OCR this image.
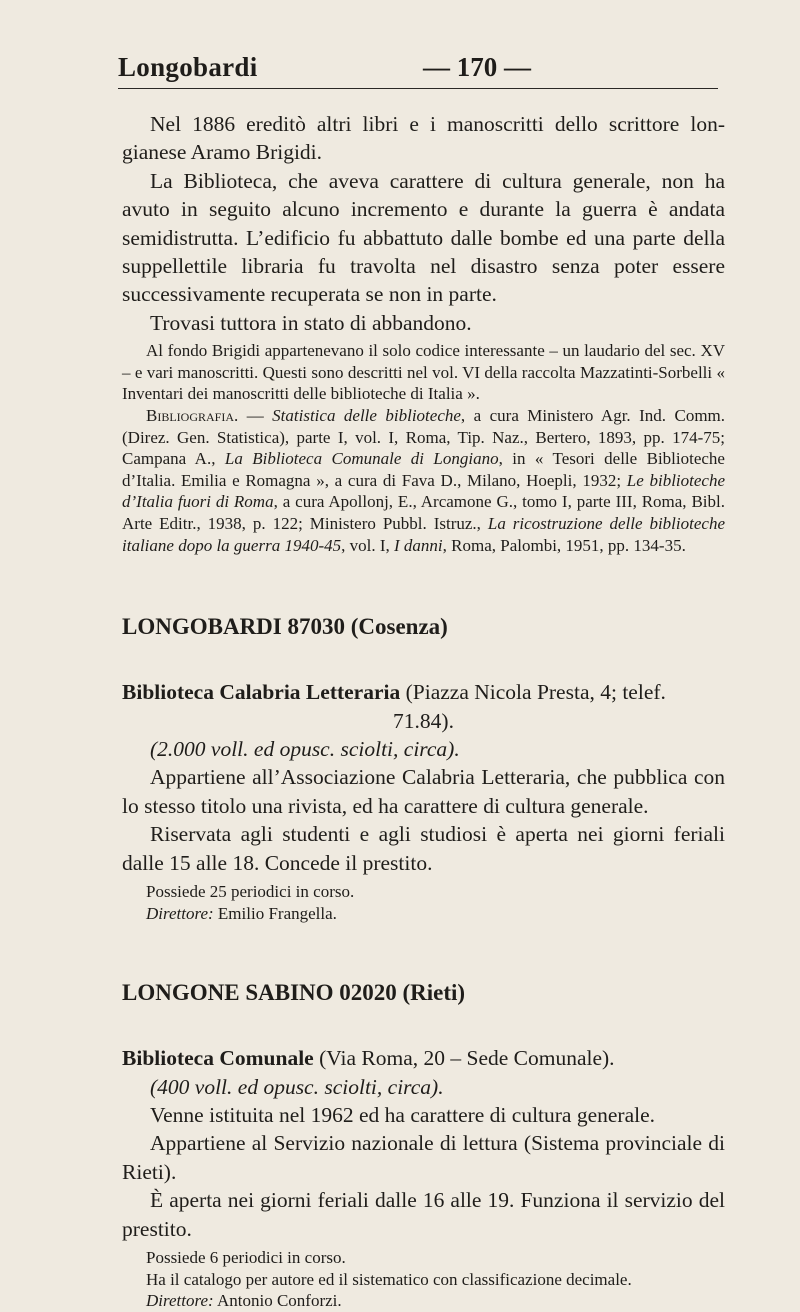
Longobardi	— 170 —

Nel 1886 ereditò altri libri e i manoscritti dello scrittore longianese Aramo Brigidi.

La Biblioteca, che aveva carattere di cultura generale, non ha avuto in seguito alcuno incremento e durante la guerra è andata semidistrutta. L’edificio fu abbattuto dalle bombe ed una parte della suppellettile libraria fu travolta nel disastro senza poter essere successivamente recuperata se non in parte.

Trovasi tuttora in stato di abbandono.

Al fondo Brigidi appartenevano il solo codice interessante – un laudario del sec. XV – e vari manoscritti. Questi sono descritti nel vol. VI della raccolta Mazzatinti-Sorbelli « Inventari dei manoscritti delle biblioteche di Italia ».

Bibliografia. — Statistica delle biblioteche, a cura Ministero Agr. Ind. Comm. (Direz. Gen. Statistica), parte I, vol. I, Roma, Tip. Naz., Bertero, 1893, pp. 174-75; Campana A., La Biblioteca Comunale di Longiano, in « Tesori delle Biblioteche d’Italia. Emilia e Romagna », a cura di Fava D., Milano, Hoepli, 1932; Le biblioteche d’Italia fuori di Roma, a cura Apollonj, E., Arcamone G., tomo I, parte III, Roma, Bibl. Arte Editr., 1938, p. 122; Ministero Pubbl. Istruz., La ricostruzione delle biblioteche italiane dopo la guerra 1940-45, vol. I, I danni, Roma, Palombi, 1951, pp. 134-35.

LONGOBARDI 87030 (Cosenza)

Biblioteca Calabria Letteraria (Piazza Nicola Presta, 4; telef.
71.84).

(2.000 voll. ed opusc. sciolti, circa).

Appartiene all’Associazione Calabria Letteraria, che pubblica con lo stesso titolo una rivista, ed ha carattere di cultura generale.

Riservata agli studenti e agli studiosi è aperta nei giorni feriali dalle 15 alle 18. Concede il prestito.

Possiede 25 periodici in corso.

Direttore: Emilio Frangella.

LONGONE SABINO 02020 (Rieti)

Biblioteca Comunale (Via Roma, 20 – Sede Comunale).

(400 voll. ed opusc. sciolti, circa).

Venne istituita nel 1962 ed ha carattere di cultura generale.

Appartiene al Servizio nazionale di lettura (Sistema provinciale di Rieti).

È aperta nei giorni feriali dalle 16 alle 19. Funziona il servizio del prestito.

Possiede 6 periodici in corso.

Ha il catalogo per autore ed il sistematico con classificazione decimale.

Direttore: Antonio Conforzi.
